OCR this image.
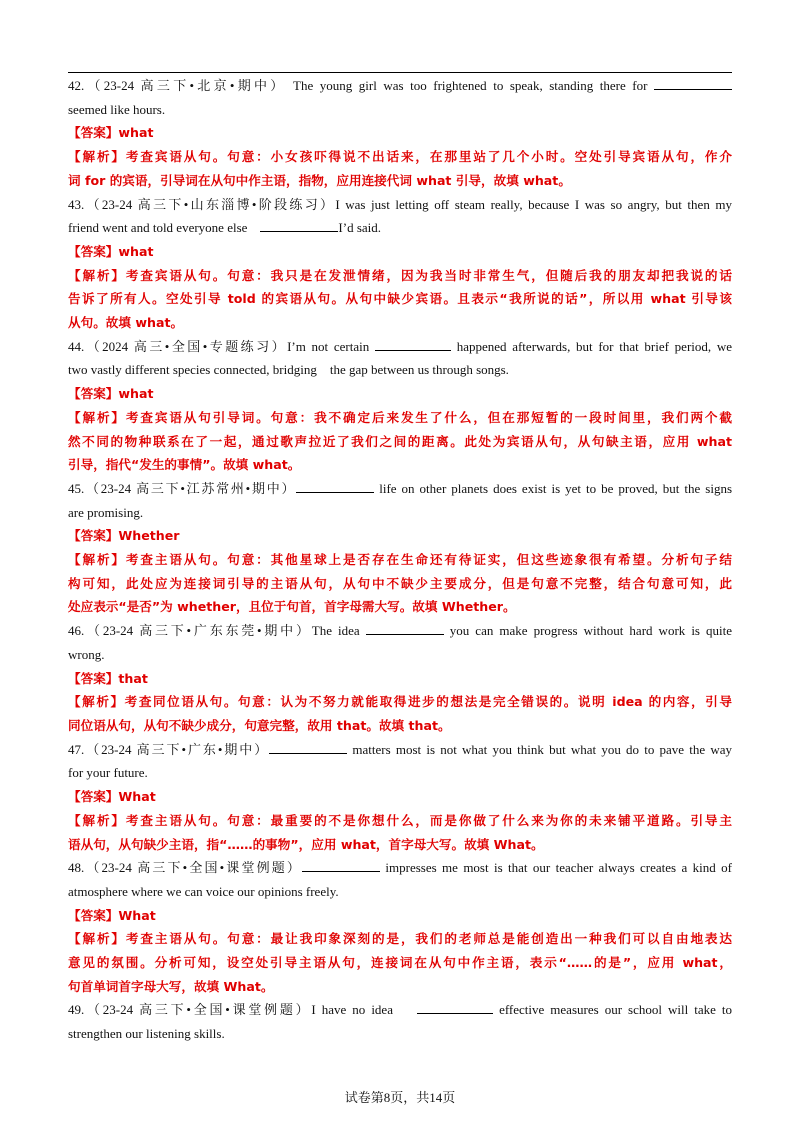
42.（23-24 高三下•北京•期中） The young girl was too frightened to speak, standing there for
seemed like hours.
【答案】what
【解析】考查宾语从句。句意：小女孩吓得说不出话来，在那里站了几个小时。空处引导宾语从句，作介
词 for 的宾语，引导词在从句中作主语，指物，应用连接代词 what 引导，故填 what。
43.（23-24 高三下•山东淄博•阶段练习）I was just letting off steam really, because I was so angry, but then my
friend went and told everyone else	I’d said.
【答案】what
【解析】考查宾语从句。句意：我只是在发泄情绪，因为我当时非常生气，但随后我的朋友却把我说的话
告诉了所有人。空处引导 told 的宾语从句。从句中缺少宾语。且表示“我所说的话”，所以用 what 引导该
从句。故填 what。
44.（2024 高三•全国•专题练习）I’m not certain	happened afterwards, but for that brief period, we
two vastly different species connected, bridging    the gap between us through songs.
【答案】what
【解析】考查宾语从句引导词。句意：我不确定后来发生了什么，但在那短暂的一段时间里，我们两个截
然不同的物种联系在了一起，通过歌声拉近了我们之间的距离。此处为宾语从句，从句缺主语，应用 what
引导，指代“发生的事情”。故填 what。
45.（23-24 高三下•江苏常州•期中）	life on other planets does exist is yet to be proved, but the signs
are promising.
【答案】Whether
【解析】考查主语从句。句意：其他星球上是否存在生命还有待证实，但这些迹象很有希望。分析句子结
构可知，此处应为连接词引导的主语从句，从句中不缺少主要成分，但是句意不完整，结合句意可知，此
处应表示“是否”为 whether，且位于句首，首字母需大写。故填 Whether。
46.（23-24 高三下•广东东莞•期中）The idea	you can make progress without hard work is quite
wrong.
【答案】that
【解析】考查同位语从句。句意：认为不努力就能取得进步的想法是完全错误的。说明 idea 的内容，引导
同位语从句，从句不缺少成分，句意完整，故用 that。故填 that。
47.（23-24 高三下•广东•期中）	matters most is not what you think but what you do to pave the way
for your future.
【答案】What
【解析】考查主语从句。句意：最重要的不是你想什么，而是你做了什么来为你的未来铺平道路。引导主
语从句，从句缺少主语，指“……的事物”，应用 what，首字母大写。故填 What。
48.（23-24 高三下•全国•课堂例题）	impresses me most is that our teacher always creates a kind of
atmosphere where we can voice our opinions freely.
【答案】What
【解析】考查主语从句。句意：最让我印象深刻的是，我们的老师总是能创造出一种我们可以自由地表达
意见的氛围。分析可知，设空处引导主语从句，连接词在从句中作主语，表示“……的是”，应用 what，
句首单词首字母大写，故填 What。
49.（23-24 高三下•全国•课堂例题）I have no idea	effective measures our school will take to
strengthen our listening skills.
试卷第8页，共14页
